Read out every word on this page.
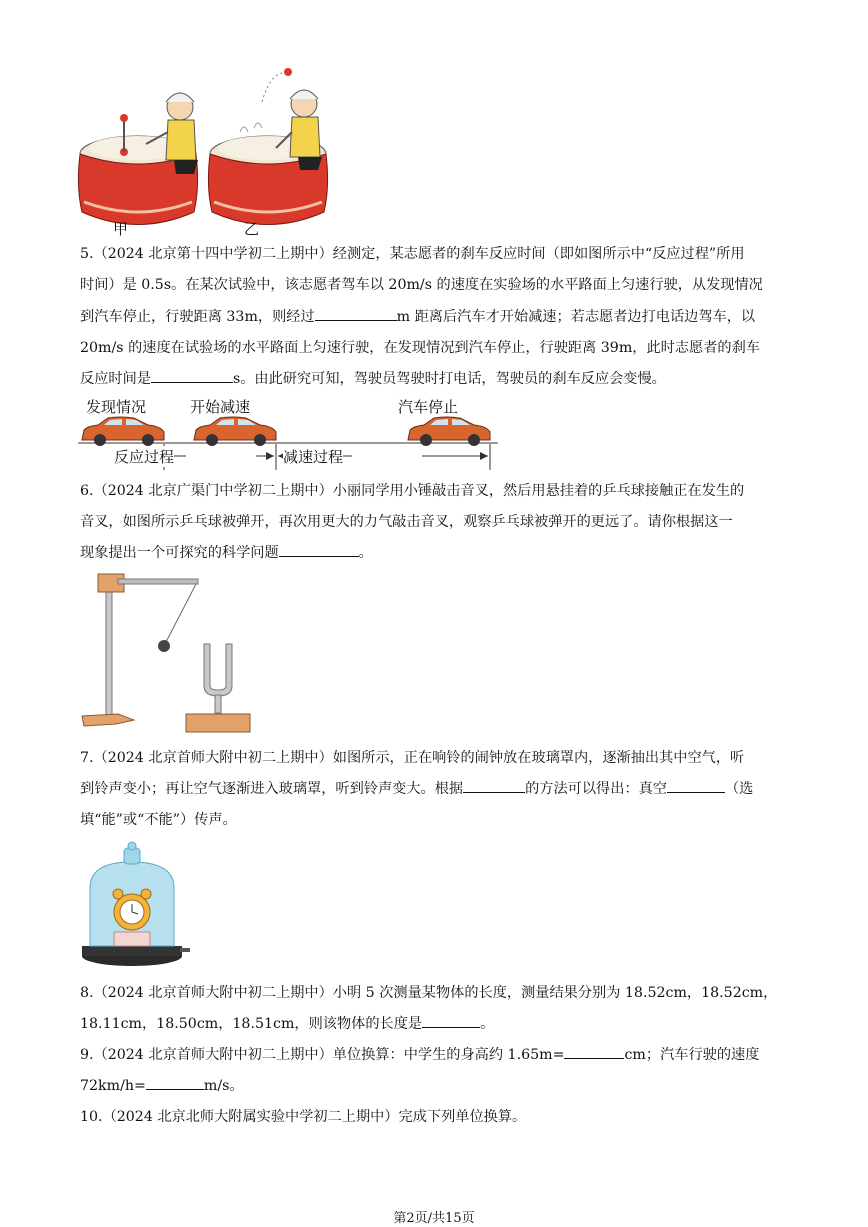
甲	乙

5.（2024 北京第十四中学初二上期中）经测定，某志愿者的刹车反应时间（即如图所示中“反应过程”所用

时间）是 0.5s。在某次试验中，该志愿者驾车以 20m/s 的速度在实验场的水平路面上匀速行驶，从发现情况

到汽车停止，行驶距离 33m，则经过	m 距离后汽车才开始减速；若志愿者边打电话边驾车，以

20m/s 的速度在试验场的水平路面上匀速行驶，在发现情况到汽车停止，行驶距离 39m，此时志愿者的刹车

反应时间是	s。由此研究可知，驾驶员驾驶时打电话，驾驶员的刹车反应会变慢。

发现情况	开始减速	汽车停止
反应过程	减速过程

6.（2024 北京广渠门中学初二上期中）小丽同学用小锤敲击音叉，然后用悬挂着的乒乓球接触正在发生的

音叉，如图所示乒乓球被弹开，再次用更大的力气敲击音叉，观察乒乓球被弹开的更远了。请你根据这一

现象提出一个可探究的科学问题	。

7.（2024 北京首师大附中初二上期中）如图所示，正在响铃的闹钟放在玻璃罩内，逐渐抽出其中空气，听

到铃声变小；再让空气逐渐进入玻璃罩，听到铃声变大。根据	的方法可以得出：真空	（选

填“能”或“不能”）传声。

8.（2024 北京首师大附中初二上期中）小明 5 次测量某物体的长度，测量结果分别为 18.52cm，18.52cm，

18.11cm，18.50cm，18.51cm，则该物体的长度是	。

9.（2024 北京首师大附中初二上期中）单位换算：中学生的身高约 1.65m=	cm；汽车行驶的速度

72km/h=	m/s。

10.（2024 北京北师大附属实验中学初二上期中）完成下列单位换算。

第2页/共15页
